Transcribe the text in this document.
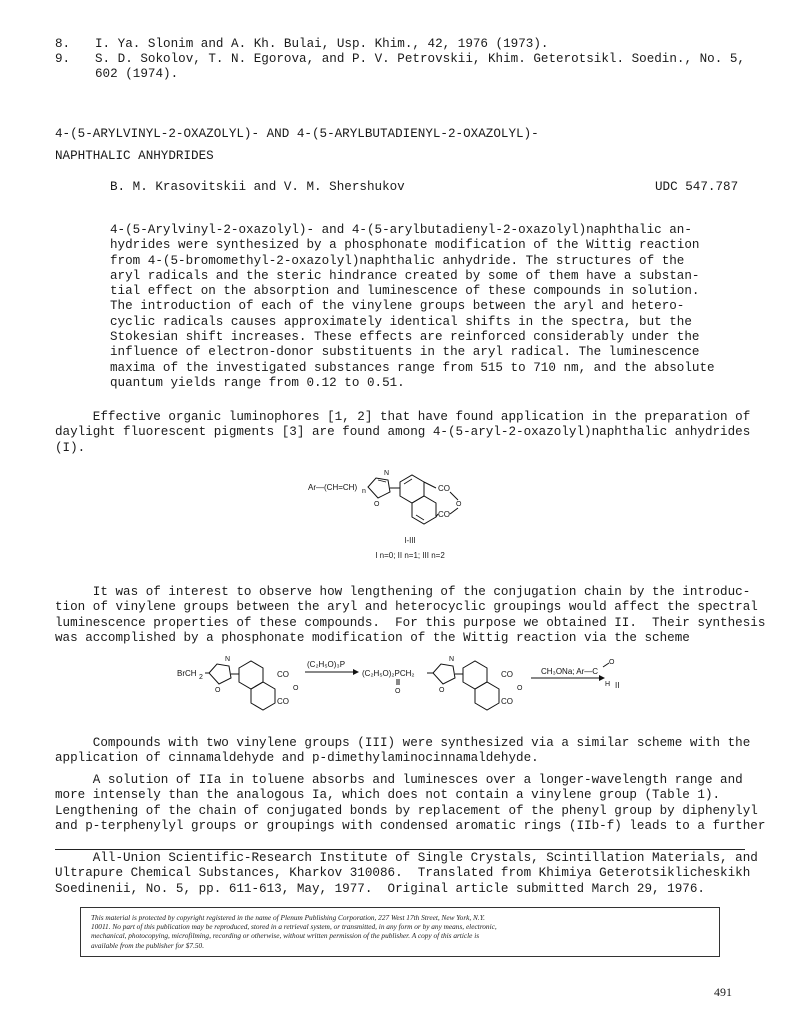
8. I. Ya. Slonim and A. Kh. Bulai, Usp. Khim., 42, 1976 (1973).
9. S. D. Sokolov, T. N. Egorova, and P. V. Petrovskii, Khim. Geterotsikl. Soedin., No. 5,
602 (1974).
4-(5-ARYLVINYL-2-OXAZOLYL)- AND 4-(5-ARYLBUTADIENYL-2-OXAZOLYL)-
NAPHTHALIC ANHYDRIDES
B. M. Krasovitskii and V. M. Shershukov	UDC 547.787
4-(5-Arylvinyl-2-oxazolyl)- and 4-(5-arylbutadienyl-2-oxazolyl)naphthalic an-
hydrides were synthesized by a phosphonate modification of the Wittig reaction
from 4-(5-bromomethyl-2-oxazolyl)naphthalic anhydride. The structures of the
aryl radicals and the steric hindrance created by some of them have a substan-
tial effect on the absorption and luminescence of these compounds in solution.
The introduction of each of the vinylene groups between the aryl and hetero-
cyclic radicals causes approximately identical shifts in the spectra, but the
Stokesian shift increases. These effects are reinforced considerably under the
influence of electron-donor substituents in the aryl radical. The luminescence
maxima of the investigated substances range from 515 to 710 nm, and the absolute
quantum yields range from 0.12 to 0.51.
Effective organic luminophores [1, 2] that have found application in the preparation of
daylight fluorescent pigments [3] are found among 4-(5-aryl-2-oxazolyl)naphthalic anhydrides
(I).
Ar—(CH=CH) n
N
O
CO
CO
O
I-III
I n=0; II n=1; III n=2
It was of interest to observe how lengthening of the conjugation chain by the introduc-
tion of vinylene groups between the aryl and heterocyclic groupings would affect the spectral
luminescence properties of these compounds.  For this purpose we obtained II.  Their synthesis
was accomplished by a phosphonate modification of the Wittig reaction via the scheme
BrCH 2
N
O
CO
O
CO
(C₂H₅O)₃P
(C₂H₅O)₂PCH₂
O
N
O
CO
O
CO
CH₃ONa; Ar—C
O
H II
Compounds with two vinylene groups (III) were synthesized via a similar scheme with the
application of cinnamaldehyde and p-dimethylaminocinnamaldehyde.
A solution of IIa in toluene absorbs and luminesces over a longer-wavelength range and
more intensely than the analogous Ia, which does not contain a vinylene group (Table 1).
Lengthening of the chain of conjugated bonds by replacement of the phenyl group by diphenylyl
and p-terphenylyl groups or groupings with condensed aromatic rings (IIb-f) leads to a further
All-Union Scientific-Research Institute of Single Crystals, Scintillation Materials, and
Ultrapure Chemical Substances, Kharkov 310086.  Translated from Khimiya Geterotsiklicheskikh
Soedinenii, No. 5, pp. 611-613, May, 1977.  Original article submitted March 29, 1976.
This material is protected by copyright registered in the name of Plenum Publishing Corporation, 227 West 17th Street, New York, N.Y.
10011. No part of this publication may be reproduced, stored in a retrieval system, or transmitted, in any form or by any means, electronic,
mechanical, photocopying, microfilming, recording or otherwise, without written permission of the publisher. A copy of this article is
available from the publisher for $7.50.
491
